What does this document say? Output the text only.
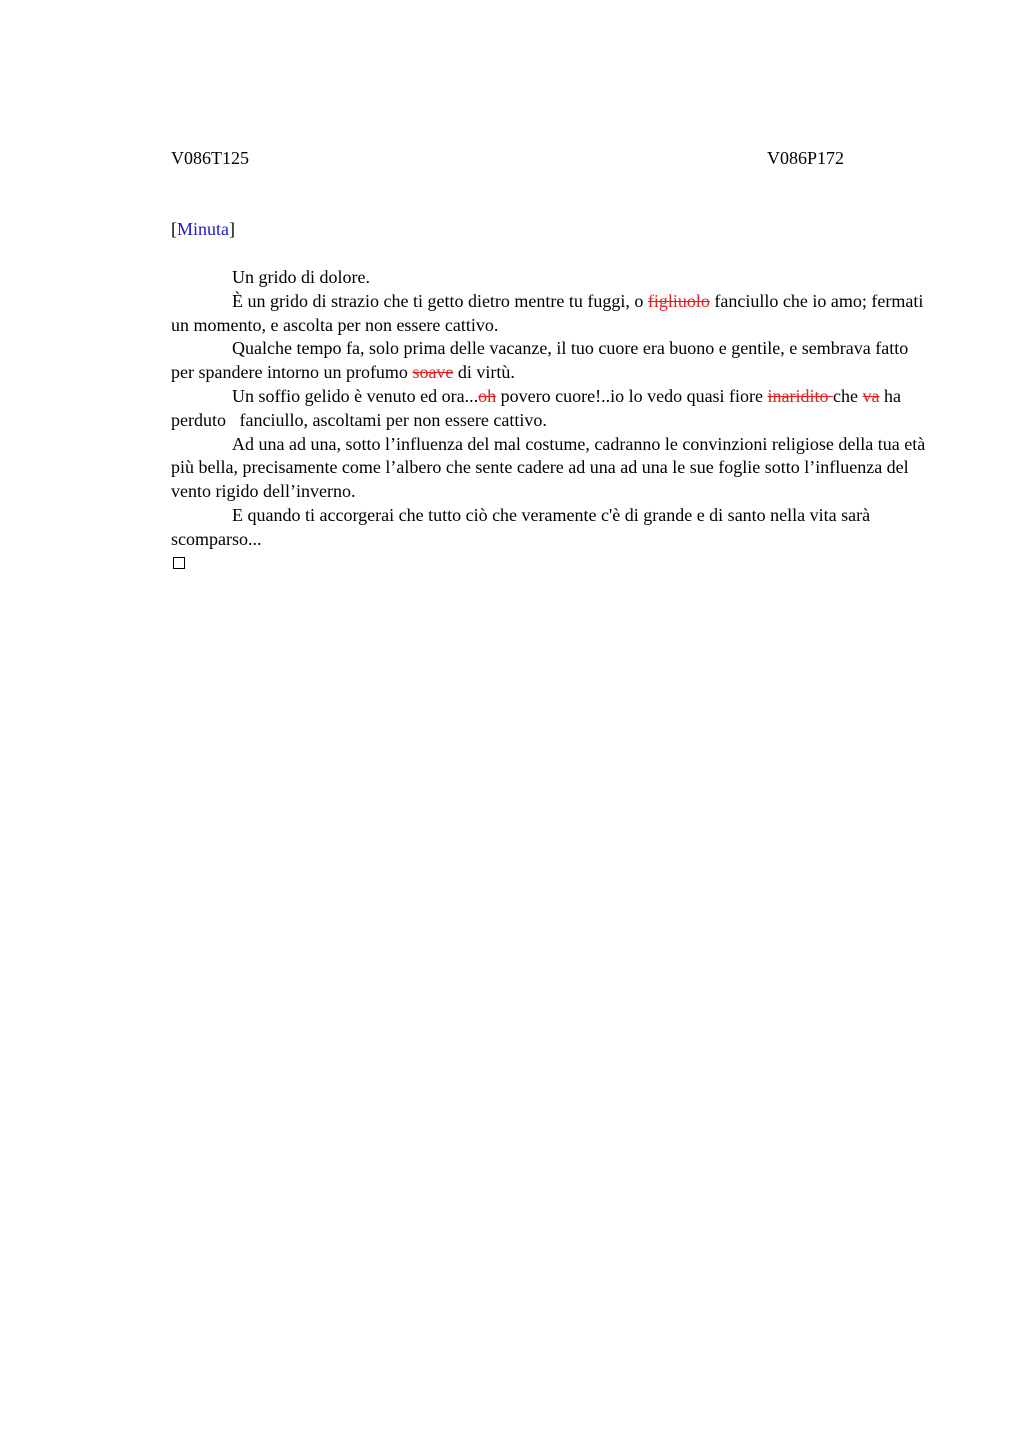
V086T125	V086P172
[Minuta]

Un grido di dolore.

È un grido di strazio che ti getto dietro mentre tu fuggi, o figliuolo fanciullo che io amo; fermati un momento, e ascolta per non essere cattivo.

Qualche tempo fa, solo prima delle vacanze, il tuo cuore era buono e gentile, e sembrava fatto per spandere intorno un profumo soave di virtù.

Un soffio gelido è venuto ed ora...oh povero cuore!..io lo vedo quasi fiore inaridito che va ha perduto   fanciullo, ascoltami per non essere cattivo.

Ad una ad una, sotto l’influenza del mal costume, cadranno le convinzioni religiose della tua età più bella, precisamente come l’albero che sente cadere ad una ad una le sue foglie sotto l’influenza del vento rigido dell’inverno.

E quando ti accorgerai che tutto ciò che veramente c'è di grande e di santo nella vita sarà scomparso...
